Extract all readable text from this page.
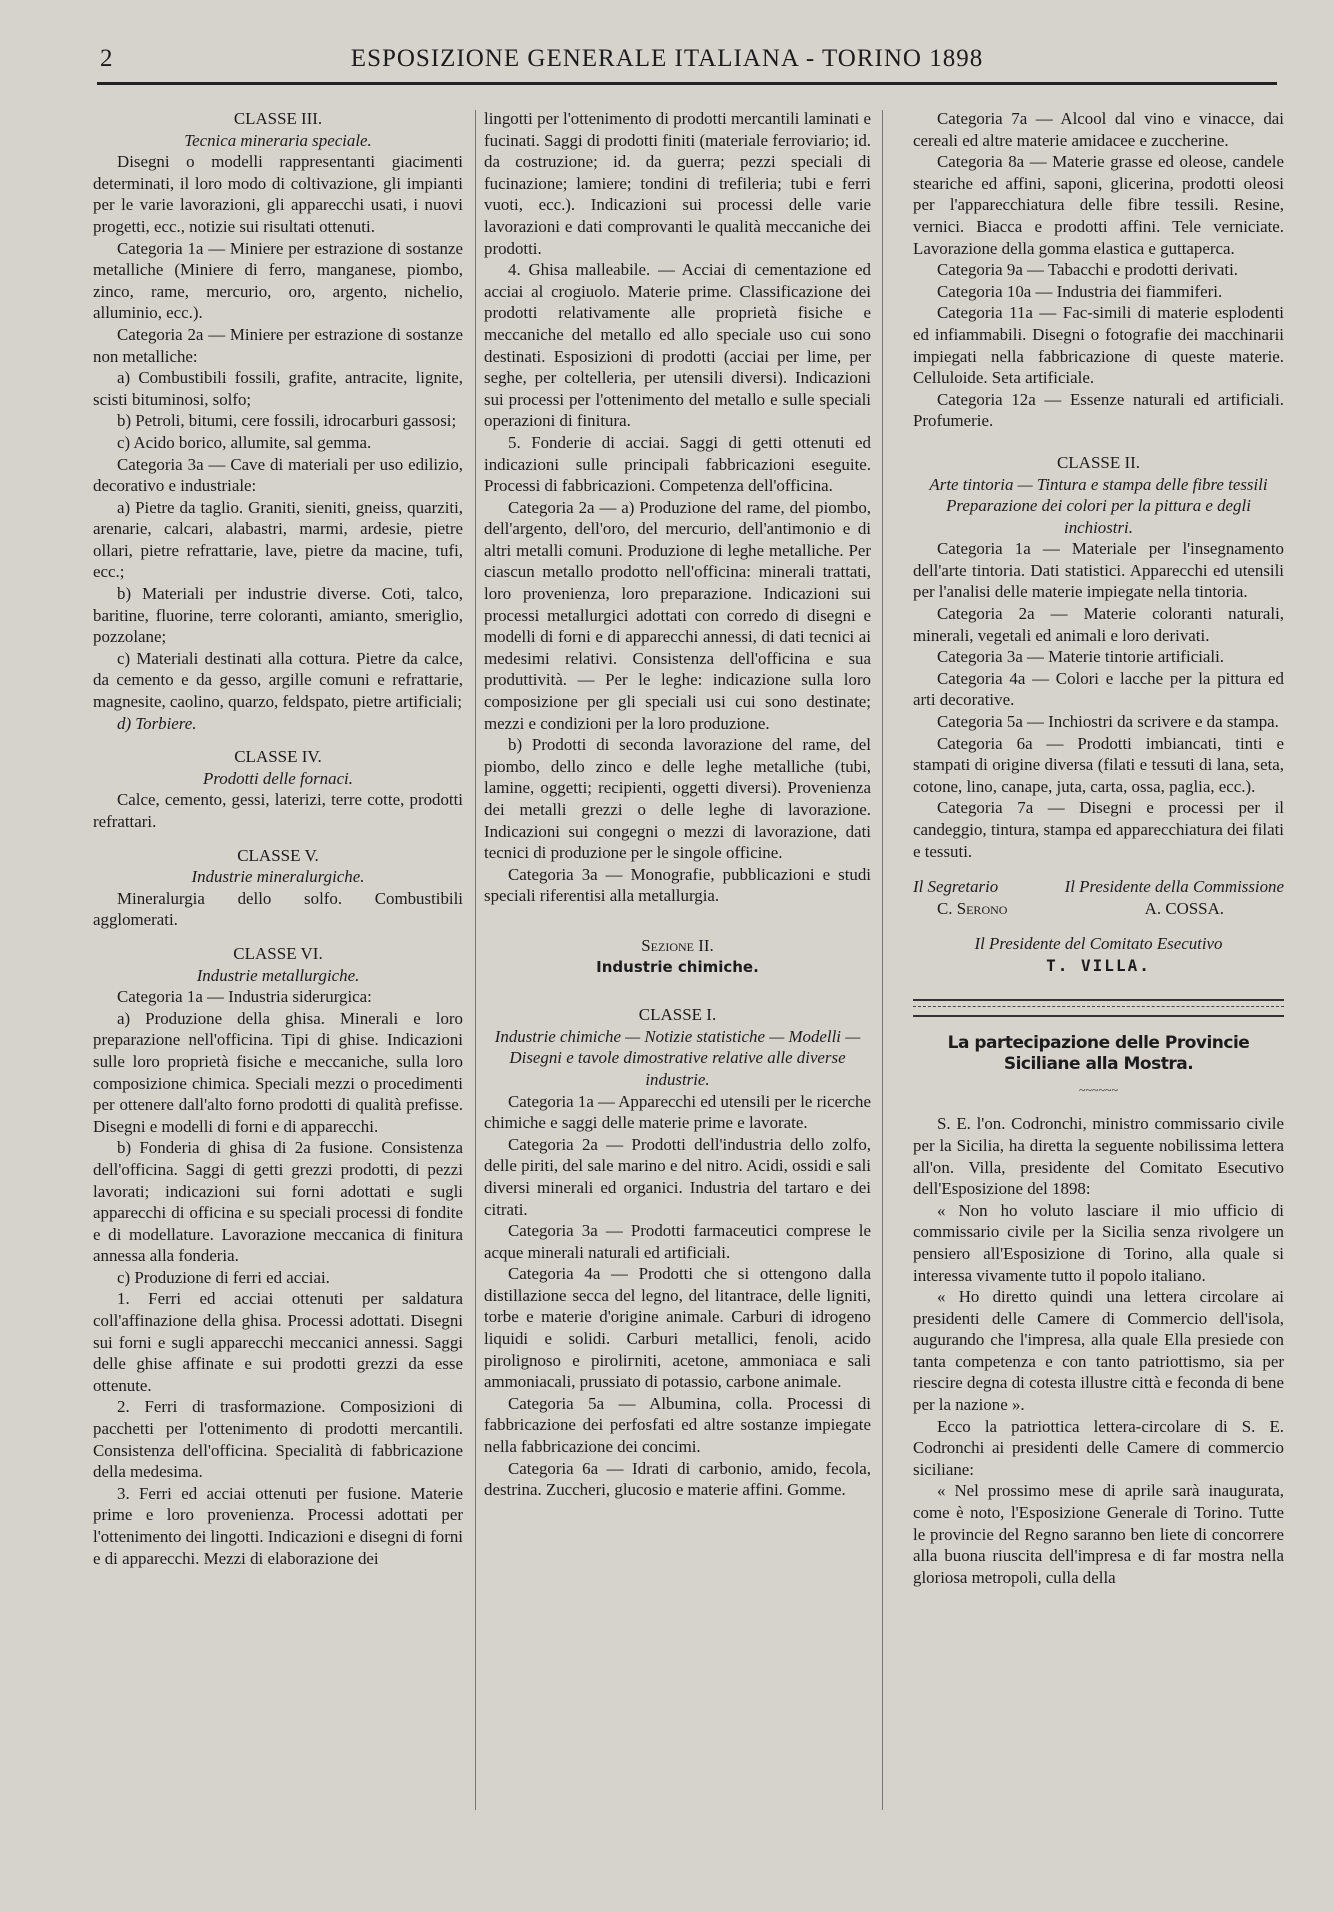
2	ESPOSIZIONE GENERALE ITALIANA - TORINO 1898

CLASSE III.

Tecnica mineraria speciale.

Disegni o modelli rappresentanti giacimenti determinati, il loro modo di coltivazione, gli impianti per le varie lavorazioni, gli apparecchi usati, i nuovi progetti, ecc., notizie sui risultati ottenuti.

Categoria 1a — Miniere per estrazione di sostanze metalliche (Miniere di ferro, manganese, piombo, zinco, rame, mercurio, oro, argento, nichelio, alluminio, ecc.).

Categoria 2a — Miniere per estrazione di sostanze non metalliche:

a) Combustibili fossili, grafite, antracite, lignite, scisti bituminosi, solfo;

b) Petroli, bitumi, cere fossili, idrocarburi gassosi;

c) Acido borico, allumite, sal gemma.

Categoria 3a — Cave di materiali per uso edilizio, decorativo e industriale:

a) Pietre da taglio. Graniti, sieniti, gneiss, quarziti, arenarie, calcari, alabastri, marmi, ardesie, pietre ollari, pietre refrattarie, lave, pietre da macine, tufi, ecc.;

b) Materiali per industrie diverse. Coti, talco, baritine, fluorine, terre coloranti, amianto, smeriglio, pozzolane;

c) Materiali destinati alla cottura. Pietre da calce, da cemento e da gesso, argille comuni e refrattarie, magnesite, caolino, quarzo, feldspato, pietre artificiali;

d) Torbiere.

CLASSE IV.

Prodotti delle fornaci.

Calce, cemento, gessi, laterizi, terre cotte, prodotti refrattari.

CLASSE V.

Industrie mineralurgiche.

Mineralurgia dello solfo. Combustibili agglomerati.

CLASSE VI.

Industrie metallurgiche.

Categoria 1a — Industria siderurgica:

a) Produzione della ghisa. Minerali e loro preparazione nell'officina. Tipi di ghise. Indicazioni sulle loro proprietà fisiche e meccaniche, sulla loro composizione chimica. Speciali mezzi o procedimenti per ottenere dall'alto forno prodotti di qualità prefisse. Disegni e modelli di forni e di apparecchi.

b) Fonderia di ghisa di 2a fusione. Consistenza dell'officina. Saggi di getti grezzi prodotti, di pezzi lavorati; indicazioni sui forni adottati e sugli apparecchi di officina e su speciali processi di fondite e di modellature. Lavorazione meccanica di finitura annessa alla fonderia.

c) Produzione di ferri ed acciai.

1. Ferri ed acciai ottenuti per saldatura coll'affinazione della ghisa. Processi adottati. Disegni sui forni e sugli apparecchi meccanici annessi. Saggi delle ghise affinate e sui prodotti grezzi da esse ottenute.

2. Ferri di trasformazione. Composizioni di pacchetti per l'ottenimento di prodotti mercantili. Consistenza dell'officina. Specialità di fabbricazione della medesima.

3. Ferri ed acciai ottenuti per fusione. Materie prime e loro provenienza. Processi adottati per l'ottenimento dei lingotti. Indicazioni e disegni di forni e di apparecchi. Mezzi di elaborazione dei

lingotti per l'ottenimento di prodotti mercantili laminati e fucinati. Saggi di prodotti finiti (materiale ferroviario; id. da costruzione; id. da guerra; pezzi speciali di fucinazione; lamiere; tondini di trefileria; tubi e ferri vuoti, ecc.). Indicazioni sui processi delle varie lavorazioni e dati comprovanti le qualità meccaniche dei prodotti.

4. Ghisa malleabile. — Acciai di cementazione ed acciai al crogiuolo. Materie prime. Classificazione dei prodotti relativamente alle proprietà fisiche e meccaniche del metallo ed allo speciale uso cui sono destinati. Esposizioni di prodotti (acciai per lime, per seghe, per coltelleria, per utensili diversi). Indicazioni sui processi per l'ottenimento del metallo e sulle speciali operazioni di finitura.

5. Fonderie di acciai. Saggi di getti ottenuti ed indicazioni sulle principali fabbricazioni eseguite. Processi di fabbricazioni. Competenza dell'officina.

Categoria 2a — a) Produzione del rame, del piombo, dell'argento, dell'oro, del mercurio, dell'antimonio e di altri metalli comuni. Produzione di leghe metalliche. Per ciascun metallo prodotto nell'officina: minerali trattati, loro provenienza, loro preparazione. Indicazioni sui processi metallurgici adottati con corredo di disegni e modelli di forni e di apparecchi annessi, di dati tecnici ai medesimi relativi. Consistenza dell'officina e sua produttività. — Per le leghe: indicazione sulla loro composizione per gli speciali usi cui sono destinate; mezzi e condizioni per la loro produzione.

b) Prodotti di seconda lavorazione del rame, del piombo, dello zinco e delle leghe metalliche (tubi, lamine, oggetti; recipienti, oggetti diversi). Provenienza dei metalli grezzi o delle leghe di lavorazione. Indicazioni sui congegni o mezzi di lavorazione, dati tecnici di produzione per le singole officine.

Categoria 3a — Monografie, pubblicazioni e studi speciali riferentisi alla metallurgia.

Sezione II.

Industrie chimiche.

CLASSE I.

Industrie chimiche — Notizie statistiche — Modelli — Disegni e tavole dimostrative relative alle diverse industrie.

Categoria 1a — Apparecchi ed utensili per le ricerche chimiche e saggi delle materie prime e lavorate.

Categoria 2a — Prodotti dell'industria dello zolfo, delle piriti, del sale marino e del nitro. Acidi, ossidi e sali diversi minerali ed organici. Industria del tartaro e dei citrati.

Categoria 3a — Prodotti farmaceutici comprese le acque minerali naturali ed artificiali.

Categoria 4a — Prodotti che si ottengono dalla distillazione secca del legno, del litantrace, delle ligniti, torbe e materie d'origine animale. Carburi di idrogeno liquidi e solidi. Carburi metallici, fenoli, acido pirolignoso e pirolігniti, acetone, ammoniaca e sali ammoniacali, prussiato di potassio, carbone animale.

Categoria 5a — Albumina, colla. Processi di fabbricazione dei perfosfati ed altre sostanze impiegate nella fabbricazione dei concimi.

Categoria 6a — Idrati di carbonio, amido, fecola, destrina. Zuccheri, glucosio e materie affini. Gomme.

Categoria 7a — Alcool dal vino e vinacce, dai cereali ed altre materie amidacee e zuccherine.

Categoria 8a — Materie grasse ed oleose, candele steariche ed affini, saponi, glicerina, prodotti oleosi per l'apparecchiatura delle fibre tessili. Resine, vernici. Biacca e prodotti affini. Tele verniciate. Lavorazione della gomma elastica e guttaperca.

Categoria 9a — Tabacchi e prodotti derivati.

Categoria 10a — Industria dei fiammiferi.

Categoria 11a — Fac-simili di materie esplodenti ed infiammabili. Disegni o fotografie dei macchinarii impiegati nella fabbricazione di queste materie. Celluloide. Seta artificiale.

Categoria 12a — Essenze naturali ed artificiali. Profumerie.

CLASSE II.

Arte tintoria — Tintura e stampa delle fibre tessili Preparazione dei colori per la pittura e degli inchiostri.

Categoria 1a — Materiale per l'insegnamento dell'arte tintoria. Dati statistici. Apparecchi ed utensili per l'analisi delle materie impiegate nella tintoria.

Categoria 2a — Materie coloranti naturali, minerali, vegetali ed animali e loro derivati.

Categoria 3a — Materie tintorie artificiali.

Categoria 4a — Colori e lacche per la pittura ed arti decorative.

Categoria 5a — Inchiostri da scrivere e da stampa.

Categoria 6a — Prodotti imbiancati, tinti e stampati di origine diversa (filati e tessuti di lana, seta, cotone, lino, canape, juta, carta, ossa, paglia, ecc.).

Categoria 7a — Disegni e processi per il candeggio, tintura, stampa ed apparecchiatura dei filati e tessuti.

Il Segretario	Il Presidente della Commissione
C. Serono	A. COSSA.

Il Presidente del Comitato Esecutivo

T. VILLA.

La partecipazione delle Provincie Siciliane alla Mostra.

~~~~~~

S. E. l'on. Codronchi, ministro commissario civile per la Sicilia, ha diretta la seguente nobilissima lettera all'on. Villa, presidente del Comitato Esecutivo dell'Esposizione del 1898:

« Non ho voluto lasciare il mio ufficio di commissario civile per la Sicilia senza rivolgere un pensiero all'Esposizione di Torino, alla quale si interessa vivamente tutto il popolo italiano.

« Ho diretto quindi una lettera circolare ai presidenti delle Camere di Commercio dell'isola, augurando che l'impresa, alla quale Ella presiede con tanta competenza e con tanto patriottismo, sia per riescire degna di cotesta illustre città e feconda di bene per la nazione ».

Ecco la patriottica lettera-circolare di S. E. Codronchi ai presidenti delle Camere di commercio siciliane:

« Nel prossimo mese di aprile sarà inaugurata, come è noto, l'Esposizione Generale di Torino. Tutte le provincie del Regno saranno ben liete di concorrere alla buona riuscita dell'impresa e di far mostra nella gloriosa metropoli, culla della
